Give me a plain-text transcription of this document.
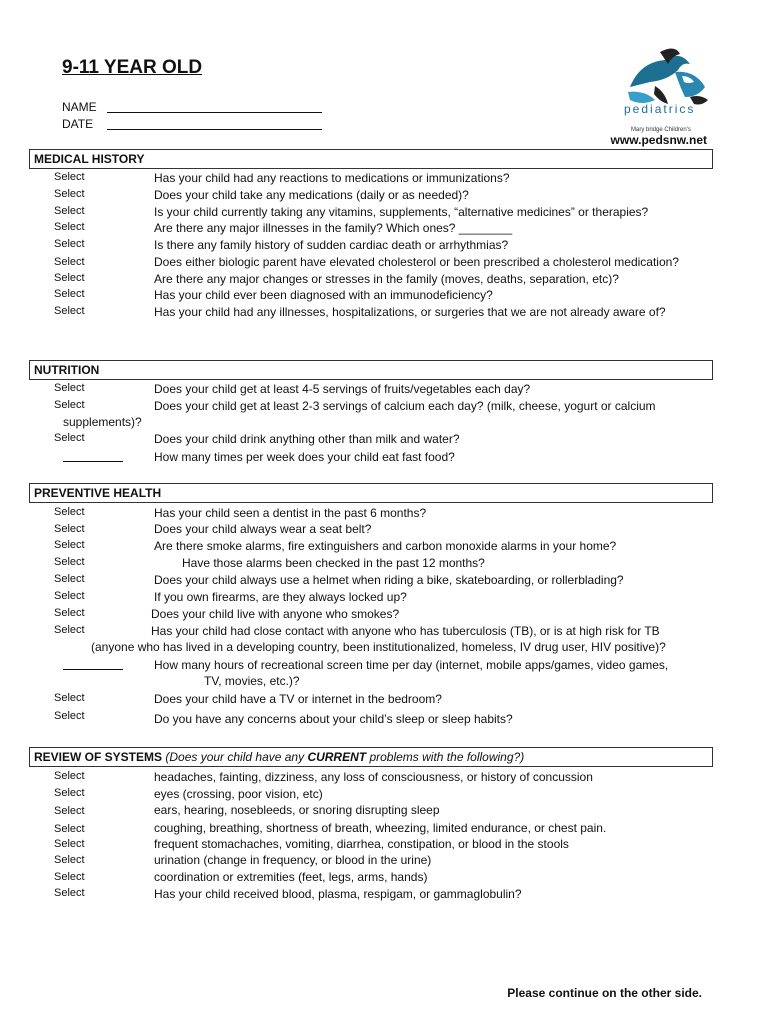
9-11 YEAR OLD
NAME
DATE
pediatrics
Mary bridge Children's
www.pedsnw.net
MEDICAL HISTORY
Select	Has your child had any reactions to medications or immunizations?
Select	Does your child take any medications (daily or as needed)?
Select	Is your child currently taking any vitamins, supplements, “alternative medicines” or therapies?
Select	Are there any major illnesses in the family? Which ones? ________
Select	Is there any family history of sudden cardiac death or arrhythmias?
Select	Does either biologic parent have elevated cholesterol or been prescribed a cholesterol medication?
Select	Are there any major changes or stresses in the family (moves, deaths, separation, etc)?
Select	Has your child ever been diagnosed with an immunodeficiency?
Select	Has your child had any illnesses, hospitalizations, or surgeries that we are not already aware of?
NUTRITION
Select	Does your child get at least 4-5 servings of fruits/vegetables each day?
Select	Does your child get at least 2-3 servings of calcium each day? (milk, cheese, yogurt or calcium
supplements)?
Select	Does your child drink anything other than milk and water?
How many times per week does your child eat fast food?
PREVENTIVE HEALTH
Select	Has your child seen a dentist in the past 6 months?
Select	Does your child always wear a seat belt?
Select	Are there smoke alarms, fire extinguishers and carbon monoxide alarms in your home?
Select	Have those alarms been checked in the past 12 months?
Select	Does your child always use a helmet when riding a bike, skateboarding, or rollerblading?
Select	If you own firearms, are they always locked up?
Select	Does your child live with anyone who smokes?
Select	Has your child had close contact with anyone who has tuberculosis (TB), or is at high risk for TB
(anyone who has lived in a developing country, been institutionalized, homeless, IV drug user, HIV positive)?
How many hours of recreational screen time per day (internet, mobile apps/games, video games,
TV, movies, etc.)?
Select	Does your child have a TV or internet in the bedroom?
Select	Do you have any concerns about your child’s sleep or sleep habits?
REVIEW OF SYSTEMS (Does your child have any CURRENT problems with the following?)
Select	headaches, fainting, dizziness, any loss of consciousness, or history of concussion
Select	eyes (crossing, poor vision, etc)
Select	ears, hearing, nosebleeds, or snoring disrupting sleep
Select	coughing, breathing, shortness of breath, wheezing, limited endurance, or chest pain.
Select	frequent stomachaches, vomiting, diarrhea, constipation, or blood in the stools
Select	urination (change in frequency, or blood in the urine)
Select	coordination or extremities (feet, legs, arms, hands)
Select	Has your child received blood, plasma, respigam, or gammaglobulin?
Please continue on the other side.
